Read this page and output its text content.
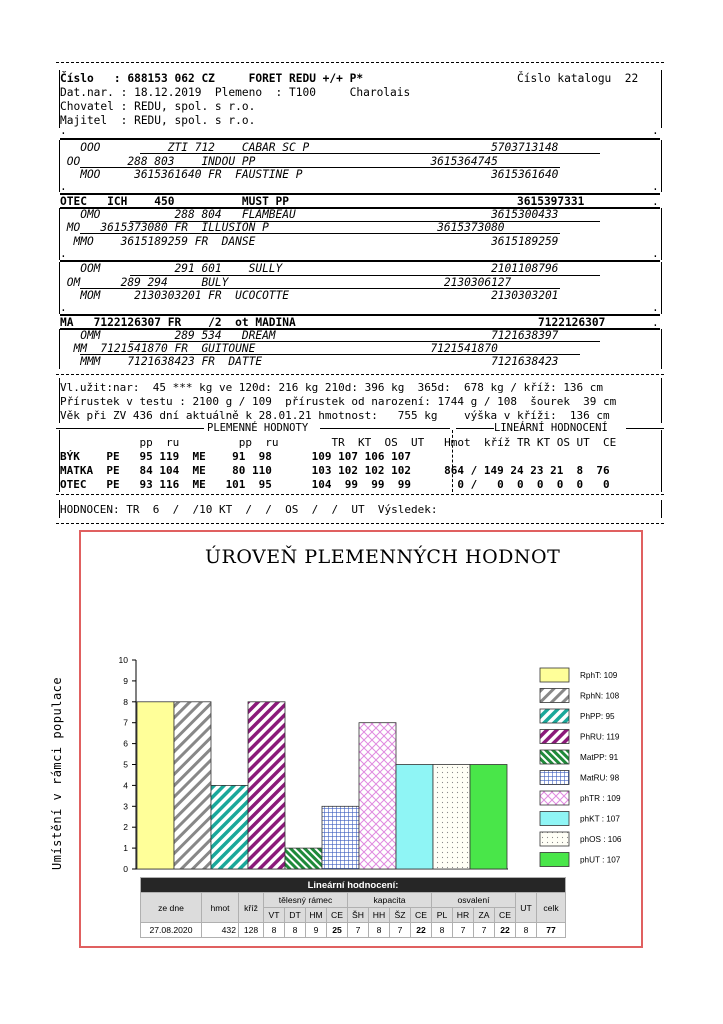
Číslo   : 688153 062 CZ     FORET REDU +/+ P*	Číslo katalogu  22
Dat.nar. : 18.12.2019  Plemeno  : T100     Charolais
Chovatel : REDU, spol. s r.o.
Majitel  : REDU, spol. s r.o.
.	.
OOO          ZTI 712    CABAR SC P                           5703713148
OO       288 803    INDOU PP                          3615364745
MOO     3615361640 FR  FAUSTINE P                            3615361640
.	.
OTEC   ICH    450          MUST PP	3615397331	.
OMO           288 804   FLAMBEAU                             3615300433
MO   3615373080 FR  ILLUSION P                         3615373080
MMO    3615189259 FR  DANSE                                   3615189259
.	.
OOM           291 601    SULLY                               2101108796
OM      289 294     BULY                                2130306127
MOM     2130303201 FR  UCOCOTTE                              2130303201
.	.
MA   7122126307 FR    /2  ot MADINA	7122126307	.
OMM           289 534   DREAM                                7121638397
MM  7121541870 FR  GUITOUNE                          7121541870
MMM    7121638423 FR  DATTE                                  7121638423
Vl.užit:nar:  45 *** kg ve 120d: 216 kg 210d: 396 kg  365d:  678 kg / kříž: 136 cm
Přírustek v testu : 2100 g / 109  přírustek od narození: 1744 g / 108  šourek  39 cm
Věk při ZV 436 dní aktuálně k 28.01.21 hmotnost:   755 kg    výška v kříži:  136 cm
PLEMENNÉ HODNOTY	LINEÁRNÍ HODNOCENÍ
pp  ru         pp  ru        TR  KT  OS  UT   Hmot  kříž TR KT OS UT  CE
BÝK    PE   95 119  ME    91  98      109 107 106 107
MATKA  PE   84 104  ME    80 110      103 102 102 102     864 / 149 24 23 21  8  76
OTEC   PE   93 116  ME   101  95      104  99  99  99       0 /   0  0  0  0  0   0
HODNOCEN: TR  6  /  /10 KT  /  /  OS  /  /  UT  Výsledek:
ÚROVEŇ PLEMENNÝCH HODNOT
0
1
2
3
4
5
6
7
8
9
10
RphT: 109
RphN: 108
PhPP: 95
PhRU: 119
MatPP: 91
MatRU: 98
phTR : 109
phKT : 107
phOS : 106
phUT : 107
Umístění v rámci populace
Lineární hodnocení:																
ze dne	hmot	kříž	tělesný rámec				kapacita				osvalení				UT	celk
			VT	DT	HM	CE	ŠH	HH	ŠZ	CE	PL	HR	ZA	CE		
27.08.2020	432	128	8	8	9	25	7	8	7	22	8	7	7	22	8	77
